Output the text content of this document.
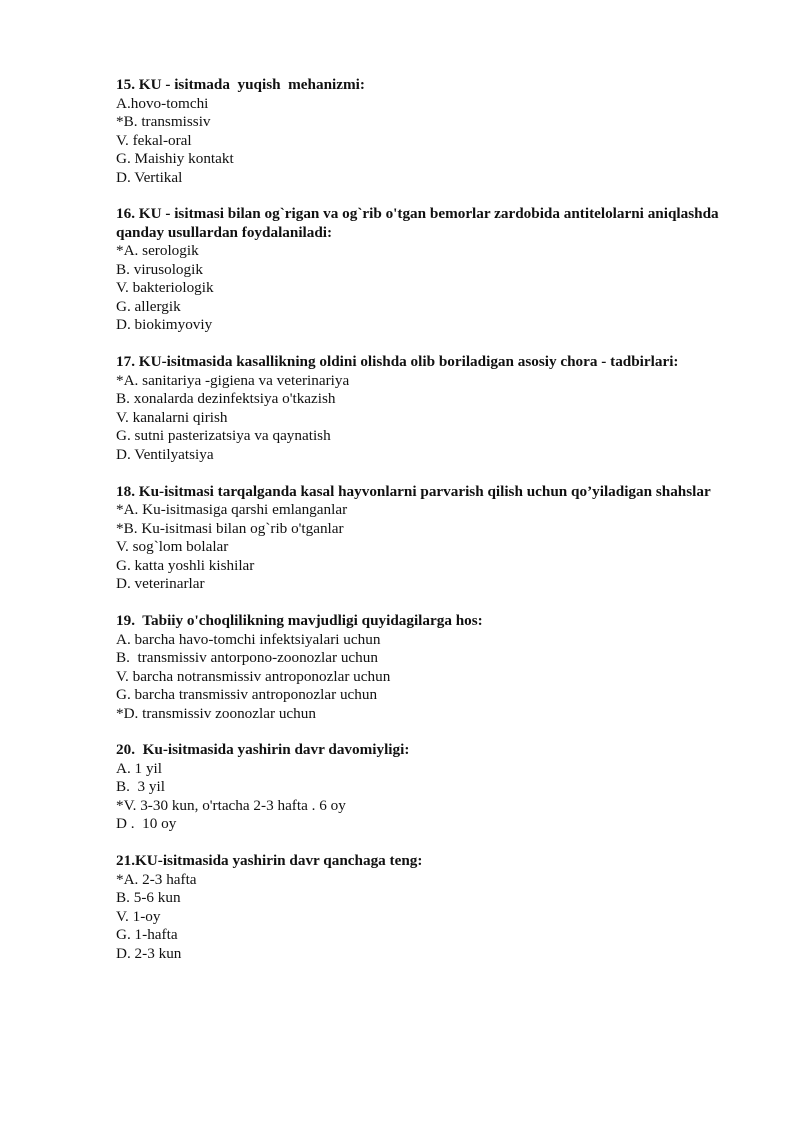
15. KU - isitmada  yuqish  mehanizmi:

A.hovo-tomchi

*B. transmissiv

V. fekal-oral

G. Maishiy kontakt

D. Vertikal

16. KU - isitmasi bilan og`rigan va og`rib o'tgan bemorlar zardobida antitelolarni aniqlashda qanday usullardan foydalaniladi:

*A. serologik

B. virusologik

V. bakteriologik

G. allergik

D. biokimyoviy

17. KU-isitmasida kasallikning oldini olishda olib boriladigan asosiy chora - tadbirlari:

*A. sanitariya -gigiena va veterinariya

B. xonalarda dezinfektsiya o'tkazish

V. kanalarni qirish

G. sutni pasterizatsiya va qaynatish

D. Ventilyatsiya

18. Ku-isitmasi tarqalganda kasal hayvonlarni parvarish qilish uchun qo’yiladigan shahslar

*A. Ku-isitmasiga qarshi emlanganlar

*B. Ku-isitmasi bilan og`rib o'tganlar

V. sog`lom bolalar

G. katta yoshli kishilar

D. veterinarlar

19.  Tabiiy o'choqlilikning mavjudligi quyidagilarga hos:

A. barcha havo-tomchi infektsiyalari uchun

B.  transmissiv antorpono-zoonozlar uchun

V. barcha notransmissiv antroponozlar uchun

G. barcha transmissiv antroponozlar uchun

*D. transmissiv zoonozlar uchun

20.  Ku-isitmasida yashirin davr davomiyligi:

A. 1 yil

B.  3 yil

*V. 3-30 kun, o'rtacha 2-3 hafta . 6 oy

D .  10 oy

21.KU-isitmasida yashirin davr qanchaga teng:

*A. 2-3 hafta

B. 5-6 kun

V. 1-oy

G. 1-hafta

D. 2-3 kun
